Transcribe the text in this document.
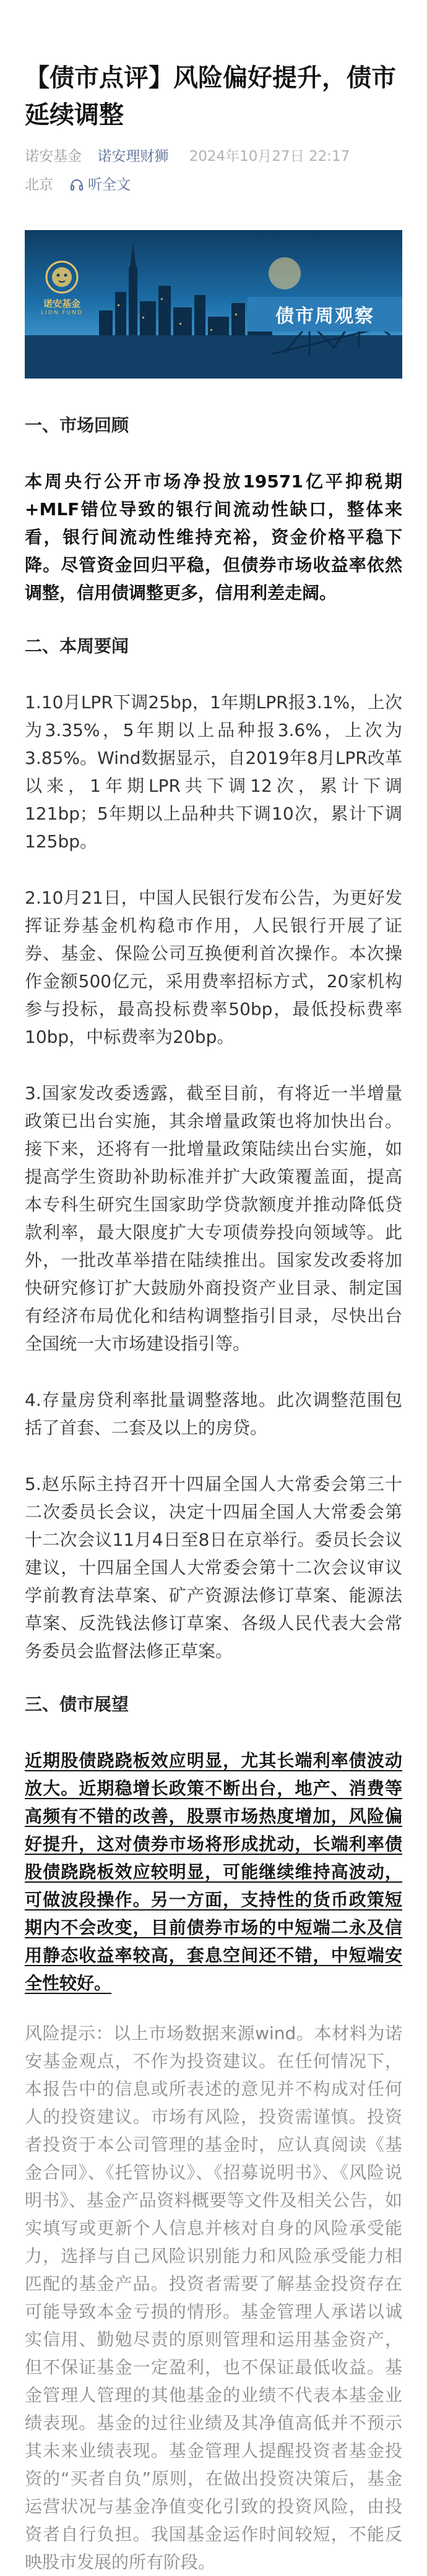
【债市点评】风险偏好提升，债市延续调整
诺安基金 诺安理财狮 2024年10月27日 22:17
北京 听全文
诺安基金
LION FUND	债市周观察
一、市场回顾

本周央行公开市场净投放19571亿平抑税期+MLF错位导致的银行间流动性缺口，整体来看，银行间流动性维持充裕，资金价格平稳下降。尽管资金回归平稳，但债券市场收益率依然调整，信用债调整更多，信用利差走阔。

二、本周要闻

1.10月LPR下调25bp，1年期LPR报3.1%，上次为3.35%，5年期以上品种报3.6%，上次为3.85%。Wind数据显示，自2019年8月LPR改革以来，1年期LPR共下调12次，累计下调121bp；5年期以上品种共下调10次，累计下调125bp。

2.10月21日，中国人民银行发布公告，为更好发挥证券基金机构稳市作用，人民银行开展了证券、基金、保险公司互换便利首次操作。本次操作金额500亿元，采用费率招标方式，20家机构参与投标，最高投标费率50bp，最低投标费率10bp，中标费率为20bp。

3.国家发改委透露，截至目前，有将近一半增量政策已出台实施，其余增量政策也将加快出台。接下来，还将有一批增量政策陆续出台实施，如提高学生资助补助标准并扩大政策覆盖面，提高本专科生研究生国家助学贷款额度并推动降低贷款利率，最大限度扩大专项债券投向领域等。此外，一批改革举措在陆续推出。国家发改委将加快研究修订扩大鼓励外商投资产业目录、制定国有经济布局优化和结构调整指引目录，尽快出台全国统一大市场建设指引等。

4.存量房贷利率批量调整落地。此次调整范围包括了首套、二套及以上的房贷。

5.赵乐际主持召开十四届全国人大常委会第三十二次委员长会议，决定十四届全国人大常委会第十二次会议11月4日至8日在京举行。委员长会议建议，十四届全国人大常委会第十二次会议审议学前教育法草案、矿产资源法修订草案、能源法草案、反洗钱法修订草案、各级人民代表大会常务委员会监督法修正草案。

三、债市展望

近期股债跷跷板效应明显，尤其长端利率债波动放大。近期稳增长政策不断出台，地产、消费等高频有不错的改善，股票市场热度增加，风险偏好提升，这对债券市场将形成扰动，长端利率债股债跷跷板效应较明显，可能继续维持高波动，可做波段操作。另一方面，支持性的货币政策短期内不会改变，目前债券市场的中短端二永及信用静态收益率较高，套息空间还不错，中短端安全性较好。

风险提示：以上市场数据来源wind。本材料为诺安基金观点，不作为投资建议。在任何情况下，本报告中的信息或所表述的意见并不构成对任何人的投资建议。市场有风险，投资需谨慎。投资者投资于本公司管理的基金时，应认真阅读《基金合同》、《托管协议》、《招募说明书》、《风险说明书》、基金产品资料概要等文件及相关公告，如实填写或更新个人信息并核对自身的风险承受能力，选择与自己风险识别能力和风险承受能力相匹配的基金产品。投资者需要了解基金投资存在可能导致本金亏损的情形。基金管理人承诺以诚实信用、勤勉尽责的原则管理和运用基金资产，但不保证基金一定盈利，也不保证最低收益。基金管理人管理的其他基金的业绩不代表本基金业绩表现。基金的过往业绩及其净值高低并不预示其未来业绩表现。基金管理人提醒投资者基金投资的“买者自负”原则，在做出投资决策后，基金运营状况与基金净值变化引致的投资风险，由投资者自行负担。我国基金运作时间较短，不能反映股市发展的所有阶段。
